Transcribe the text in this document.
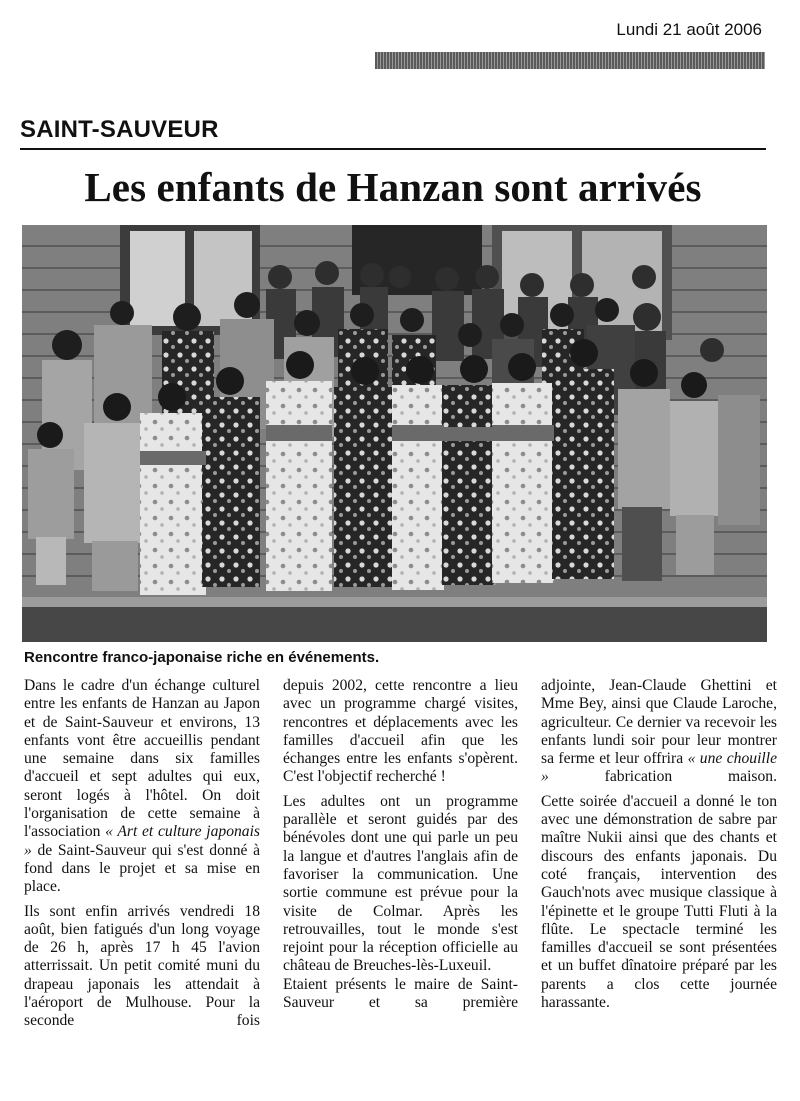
Lundi 21 août 2006
SAINT-SAUVEUR
Les enfants de Hanzan sont arrivés
Rencontre franco-japonaise riche en événements.

Dans le cadre d'un échange culturel entre les enfants de Hanzan au Japon et de Saint-Sauveur et environs, 13 enfants vont être accueillis pendant une semaine dans six familles d'accueil et sept adultes qui eux, seront logés à l'hôtel. On doit l'organisation de cette semaine à l'association « Art et culture japonais » de Saint-Sauveur qui s'est donné à fond dans le projet et sa mise en place.

Ils sont enfin arrivés vendredi 18 août, bien fatigués d'un long voyage de 26 h, après 17 h 45 l'avion atterrissait. Un petit comité muni du drapeau japonais les attendait à l'aéroport de Mulhouse. Pour la seconde fois

depuis 2002, cette rencontre a lieu avec un programme chargé visites, rencontres et déplacements avec les familles d'accueil afin que les échanges entre les enfants s'opèrent. C'est l'objectif recherché !

Les adultes ont un programme parallèle et seront guidés par des bénévoles dont une qui parle un peu la langue et d'autres l'anglais afin de favoriser la communication. Une sortie commune est prévue pour la visite de Colmar. Après les retrouvailles, tout le monde s'est rejoint pour la réception officielle au château de Breuches-lès-Luxeuil.

Etaient présents le maire de Saint-Sauveur et sa première

adjointe, Jean-Claude Ghettini et Mme Bey, ainsi que Claude Laroche, agriculteur. Ce dernier va recevoir les enfants lundi soir pour leur montrer sa ferme et leur offrira « une chouille »	fabrication maison.

Cette soirée d'accueil a donné le ton avec une démonstration de sabre par maître Nukii ainsi que des chants et discours des enfants japonais. Du coté français, intervention des Gauch'nots avec musique classique à l'épinette et le groupe Tutti Fluti à la flûte. Le spectacle terminé les familles d'accueil se sont présentées et un buffet dînatoire préparé par les parents a clos cette journée harassante.
